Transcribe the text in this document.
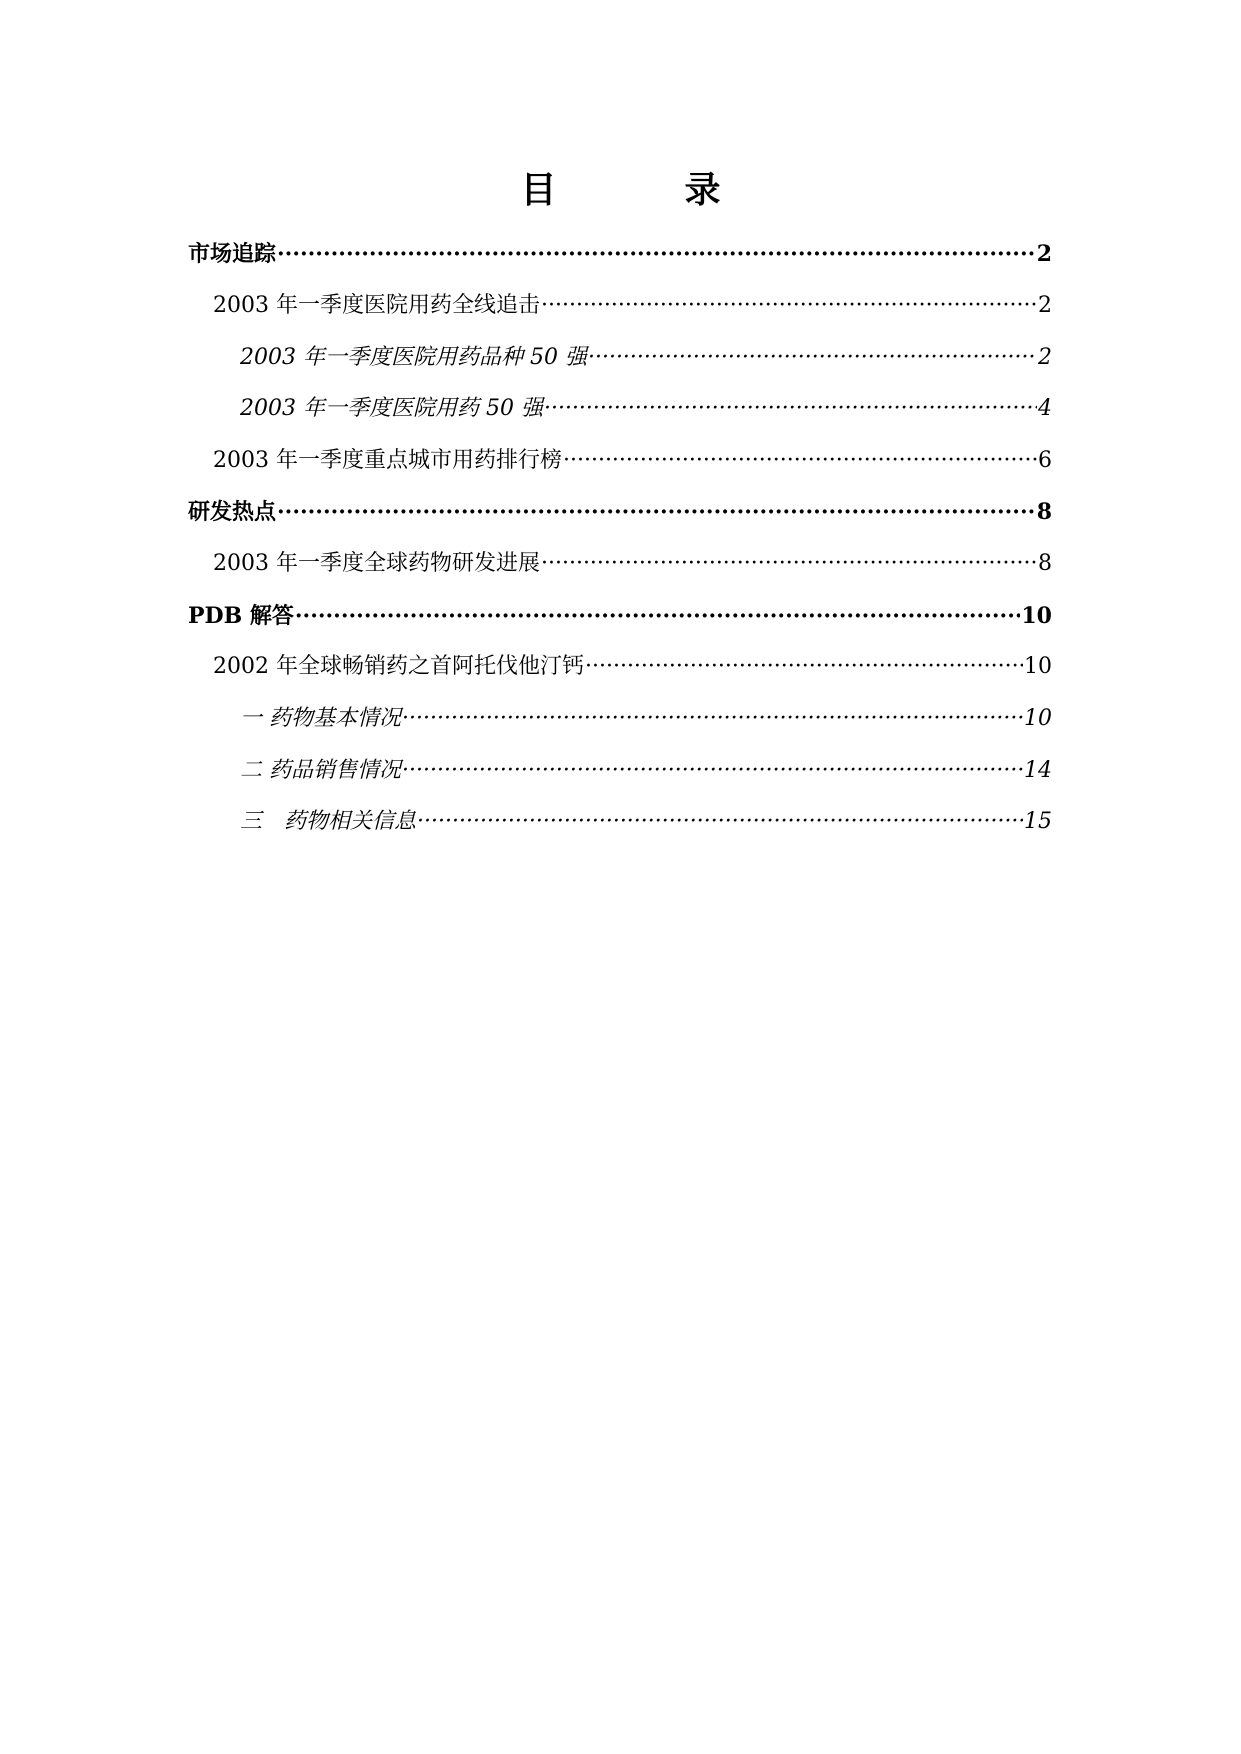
目　录
市场追踪 ·····	2
2003 年一季度医院用药全线追击 ·····	2
2003 年一季度医院用药品种 50 强 ·····	2
2003 年一季度医院用药 50 强 ·····	4
2003 年一季度重点城市用药排行榜 ·····	6
研发热点 ·····	8
2003 年一季度全球药物研发进展 ·····	8
PDB 解答 ·····	10
2002 年全球畅销药之首阿托伐他汀钙 ·····	10
一 药物基本情况 ·····	10
二 药品销售情况 ·····	14
三　药物相关信息 ·····	15
